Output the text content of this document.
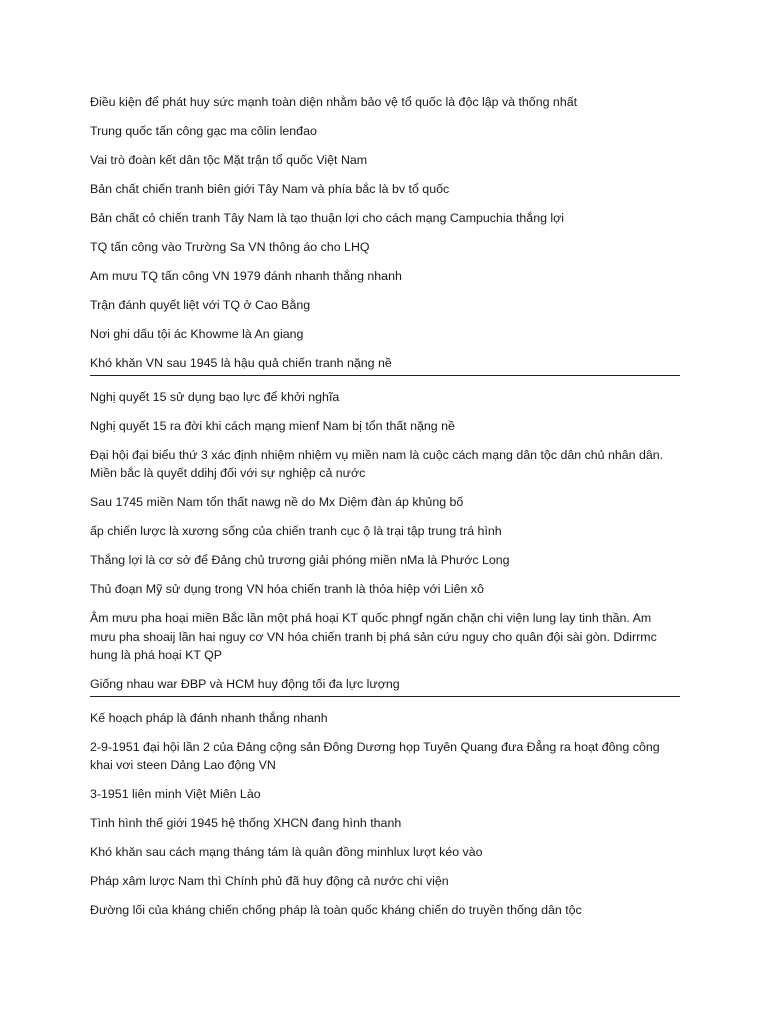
Điều kiện để phát huy sức mạnh toàn diện nhằm bảo vệ tổ quốc là độc lập và thống nhất

Trung quốc tấn công gạc ma côlin lenđao

Vai trò đoàn kết dân tộc Mặt trận tổ quốc Việt Nam

Bản chất chiến tranh biên giới Tây Nam và phía bắc là bv tổ quốc

Bản chất cỏ chiến tranh Tây Nam là tạo thuận lợi cho cách mạng Campuchia thắng lợi

TQ tấn công vào Trường Sa VN thông áo cho LHQ

Am mưu TQ tấn công VN 1979 đánh nhanh thắng nhanh

Trận đánh quyết liệt với TQ ở Cao Bằng

Nơi ghi dấu tội ác Khowme là An giang

Khó khăn VN sau 1945 là hậu quả chiến tranh nặng nề

Nghị quyết 15 sử dụng bạo lực để khởi nghĩa

Nghị quyết 15 ra đời khi cách mạng mienf Nam bị tổn thất nặng nề

Đại hội đại biểu thứ 3 xác định nhiệm nhiệm vụ miền nam là cuộc cách mạng dân tộc dân chủ nhân dân. Miền bắc là quyết ddihj đối với sự nghiệp cả nước

Sau 1745 miền Nam tổn thất nawg nề do Mx Diệm đàn áp khủng bố

ấp chiến lược là xương sống của chiến tranh cục ộ là trại tập trung trá hình

Thắng lợi là cơ sở để Đảng chủ trương giải phóng miền nMa là Phước Long

Thủ đoạn Mỹ sử dụng trong VN hóa chiến tranh là thỏa hiệp với Liên xô

Âm mưu pha hoại miền Bắc lần một phá hoại KT quốc phngf ngăn chặn chi viện lung lay tinh thần. Am mưu pha shoaij lần hai nguy cơ VN hóa chiến tranh bị phá sản cứu nguy cho quân đội sài gòn. Ddirrmc hung là phá hoại KT QP

Giống nhau war ĐBP và HCM huy động tối đa lực lượng

Kế hoạch pháp là đánh nhanh thắng nhanh

2-9-1951 đại hội lần 2 của Đảng cộng sản Đông Dương họp Tuyên Quang đưa Đẳng ra hoạt đông công khai vơi steen Dảng Lao động VN

3-1951 liên minh Việt Miên Lào

Tình hình thế giới 1945 hệ thống XHCN đang hình thanh

Khó khăn sau cách mạng tháng tám là quân đồng minhlux lượt kéo vào

Pháp xâm lược Nam thì Chính phủ đã huy động cả nước chi viện

Đường lối của kháng chiến chống pháp là toàn quốc kháng chiến do truyền thống dân tộc
